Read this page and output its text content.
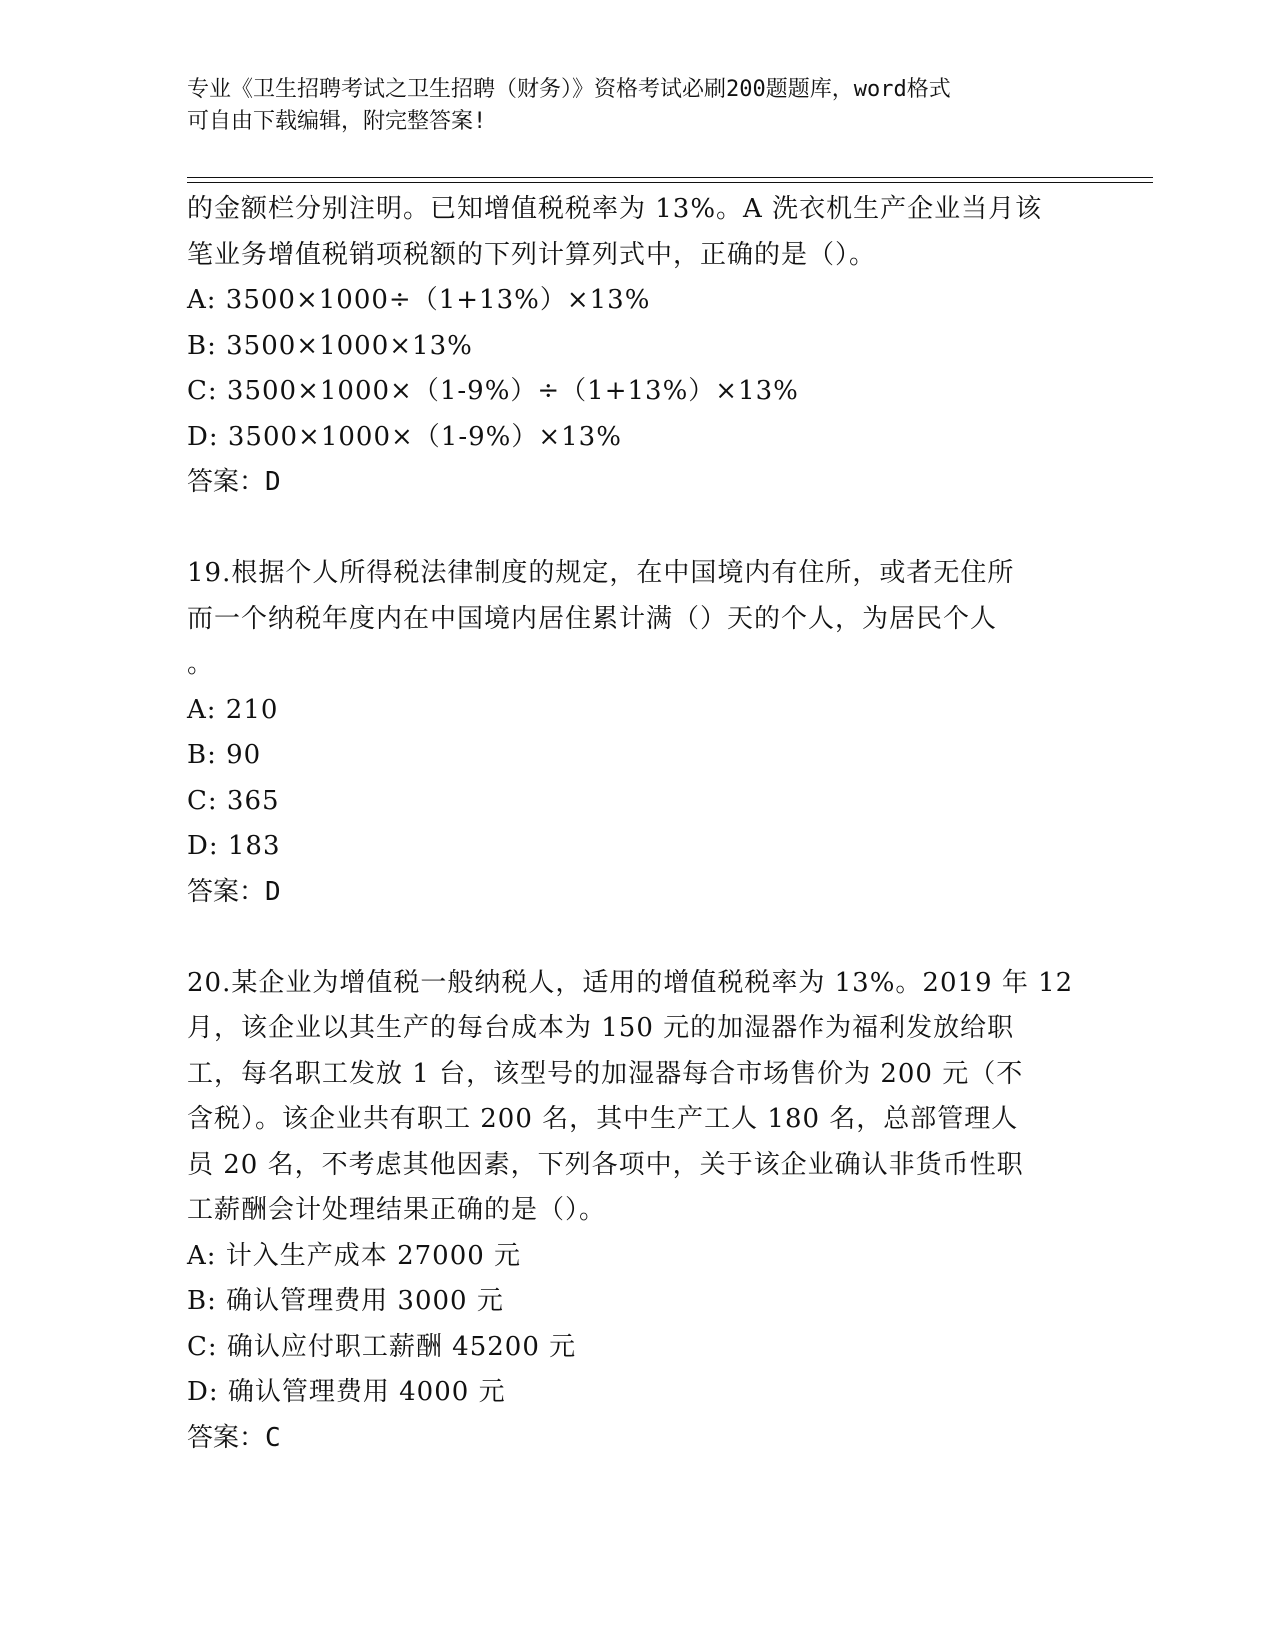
专业《卫生招聘考试之卫生招聘（财务）》资格考试必刷200题题库，word格式
可自由下载编辑，附完整答案!
的金额栏分别注明。已知增值税税率为 13%。A 洗衣机生产企业当月该
笔业务增值税销项税额的下列计算列式中，正确的是（）。
A: 3500×1000÷（1+13%）×13%
B: 3500×1000×13%
C: 3500×1000×（1-9%）÷（1+13%）×13%
D: 3500×1000×（1-9%）×13%
答案：D
19.根据个人所得税法律制度的规定，在中国境内有住所，或者无住所
而一个纳税年度内在中国境内居住累计满（）天的个人，为居民个人
。
A: 210
B: 90
C: 365
D: 183
答案：D
20.某企业为增值税一般纳税人，适用的增值税税率为 13%。2019 年 12
月，该企业以其生产的每台成本为 150 元的加湿器作为福利发放给职
工，每名职工发放 1 台，该型号的加湿器每合市场售价为 200 元（不
含税）。该企业共有职工 200 名，其中生产工人 180 名，总部管理人
员 20 名，不考虑其他因素，下列各项中，关于该企业确认非货币性职
工薪酬会计处理结果正确的是（）。
A: 计入生产成本 27000 元
B: 确认管理费用 3000 元
C: 确认应付职工薪酬 45200 元
D: 确认管理费用 4000 元
答案：C
